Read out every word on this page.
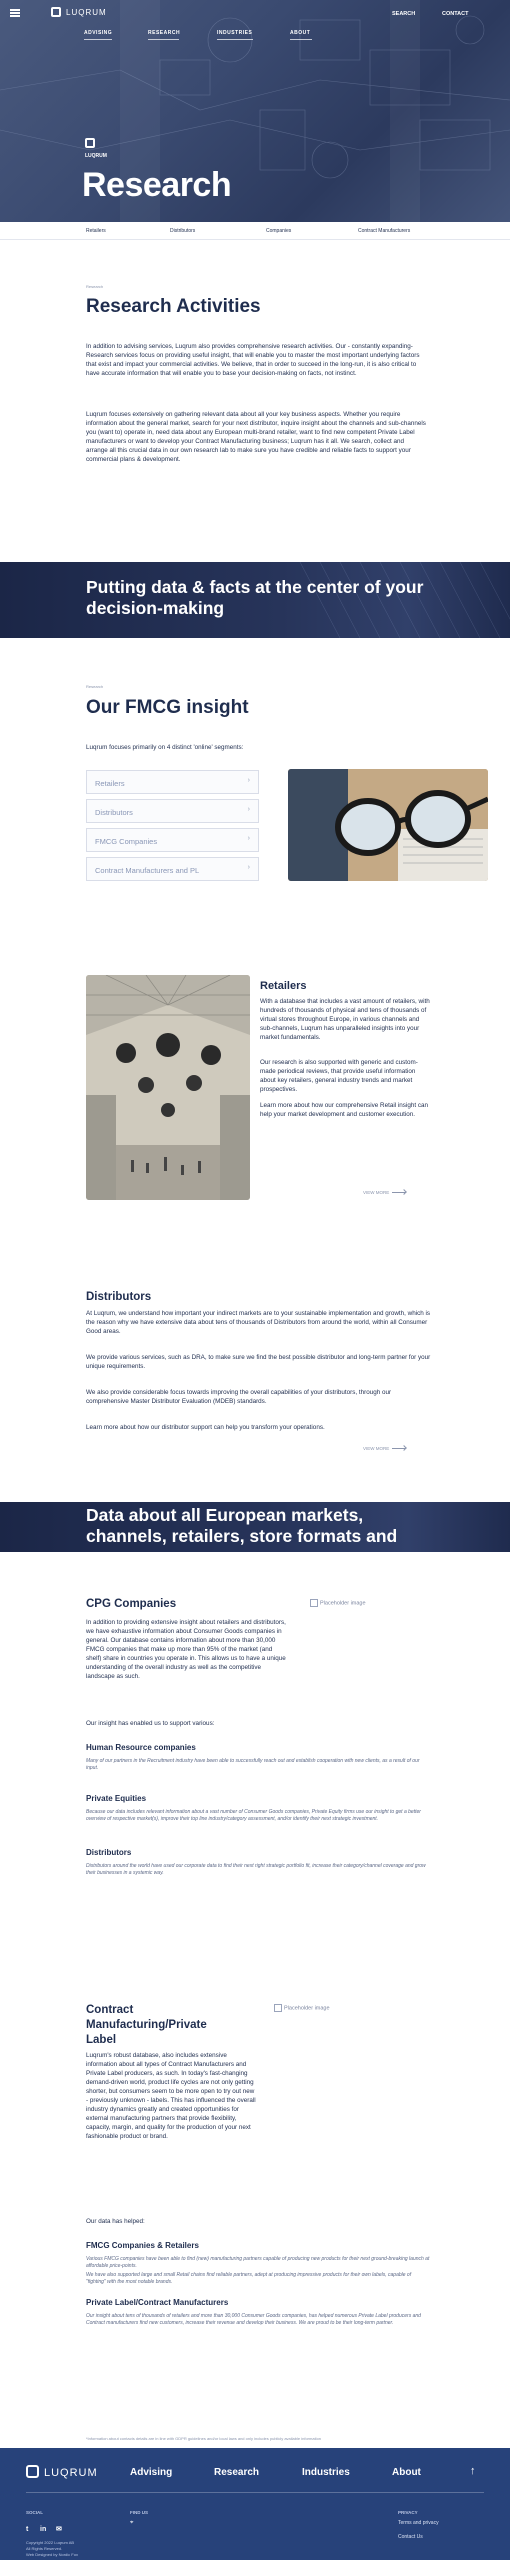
LUQRUM	SEARCH	CONTACT
ADVISING	RESEARCH	INDUSTRIES	ABOUT
LUQRUM
Research
Retailers	Distributors	Companies	Contract Manufacturers
Research
Research Activities
In addition to advising services, Luqrum also provides comprehensive research activities. Our - constantly expanding- Research services focus on providing useful insight, that will enable you to master the most important underlying factors that exist and impact your commercial activities. We believe, that in order to succeed in the long-run, it is also critical to have accurate information that will enable you to base your decision-making on facts, not instinct.
Luqrum focuses extensively on gathering relevant data about all your key business aspects. Whether you require information about the general market, search for your next distributor, inquire insight about the channels and sub-channels you (want to) operate in, need data about any European multi-brand retailer, want to find new competent Private Label manufacturers or want to develop your Contract Manufacturing business; Luqrum has it all. We search, collect and arrange all this crucial data in our own research lab to make sure you have credible and reliable facts to support your commercial plans & development.
Putting data & facts at the center of your decision-making
Research
Our FMCG insight
Luqrum focuses primarily on 4 distinct 'online' segments:
Retailers	›
Distributors	›
FMCG Companies	›
Contract Manufacturers and PL	›
Retailers
With a database that includes a vast amount of retailers, with hundreds of thousands of physical and tens of thousands of virtual stores throughout Europe, in various channels and sub-channels, Luqrum has unparalleled insights into your market fundamentals.
Our research is also supported with generic and custom-made periodical reviews, that provide useful information about key retailers, general industry trends and market prospectives.
Learn more about how our comprehensive Retail insight can help your market development and customer execution.
VIEW MORE
Distributors
At Luqrum, we understand how important your indirect markets are to your sustainable implementation and growth, which is the reason why we have extensive data about tens of thousands of Distributors from around the world, within all Consumer Good areas.
We provide various services, such as DRA, to make sure we find the best possible distributor and long-term partner for your unique requirements.
We also provide considerable focus towards improving the overall capabilities of your distributors, through our comprehensive Master Distributor Evaluation (MDEB) standards.
Learn more about how our distributor support can help you transform your operations.
VIEW MORE
Data about all European markets, channels, retailers, store formats and
CPG Companies	Placeholder image
In addition to providing extensive insight about retailers and distributors, we have exhaustive information about Consumer Goods companies in general. Our database contains information about more than 30,000 FMCG companies that make up more than 95% of the market (and shelf) share in countries you operate in. This allows us to have a unique understanding of the overall industry as well as the competitive landscape as such.
Our insight has enabled us to support various:
Human Resource companies
Many of our partners in the Recruitment industry have been able to successfully reach out and establish cooperation with new clients, as a result of our input.
Private Equities
Because our data includes relevant information about a vast number of Consumer Goods companies, Private Equity firms use our insight to get a better overview of respective market(s), improve their top line industry/category assessment, and/or identify their next strategic investment.
Distributors
Distributors around the world have used our corporate data to find their next right strategic portfolio fit, increase their category/channel coverage and grow their businesses in a systemic way.
Contract Manufacturing/Private Label
Placeholder image
Luqrum's robust database, also includes extensive information about all types of Contract Manufacturers and Private Label producers, as such. In today's fast-changing demand-driven world, product life cycles are not only getting shorter, but consumers seem to be more open to try out new - previously unknown - labels. This has influenced the overall industry dynamics greatly and created opportunities for external manufacturing partners that provide flexibility, capacity, margin, and quality for the production of your next fashionable product or brand.
Our data has helped:
FMCG Companies & Retailers
Various FMCG companies have been able to find (new) manufacturing partners capable of producing new products for their next ground-breaking launch at affordable price-points.
We have also supported large and small Retail chains find reliable partners, adept at producing impressive products for their own labels, capable of "fighting" with the most notable brands.
Private Label/Contract Manufacturers
Our insight about tens of thousands of retailers and more than 30,000 Consumer Goods companies, has helped numerous Private Label producers and Contract manufacturers find new customers, increase their revenue and develop their business. We are proud to be their long-term partner.
*Information about contacts details are in line with GDPR guidelines and/or local laws and only includes publicly available information
LUQRUM	Advising	Research	Industries	About	↑
SOCIAL
t	in ✉
Copyright 2022 Luqrum AB
All Rights Reserved.
Web Designed by Nordic Fox
FIND US
⌖
PRIVACY
Terms and privacy
Contact Us
